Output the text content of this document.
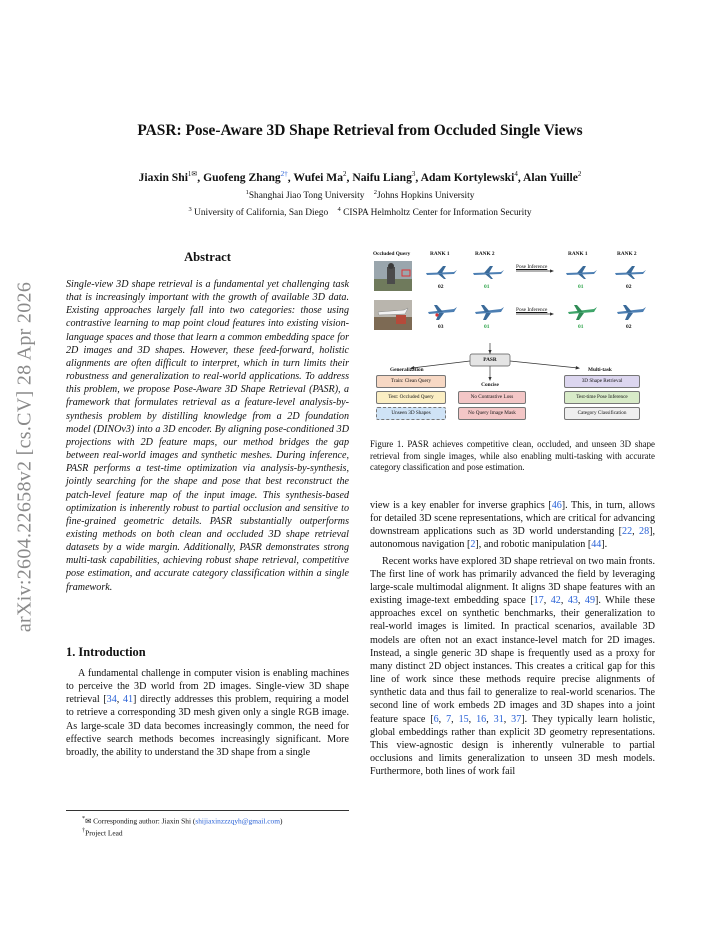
arXiv:2604.22658v2 [cs.CV] 28 Apr 2026
PASR: Pose-Aware 3D Shape Retrieval from Occluded Single Views
Jiaxin Shi$^{1✉}$, Guofeng Zhang$^{2\dagger}$, Wufei Ma$^2$, Naifu Liang$^3$, Adam Kortylewski$^4$, Alan Yuille$^2$
$^1$Shanghai Jiao Tong University $^2$Johns Hopkins University
$^3$ University of California, San Diego $^4$ CISPA Helmholtz Center for Information Security
Abstract

Single-view 3D shape retrieval is a fundamental yet challenging task that is increasingly important with the growth of available 3D data. Existing approaches largely fall into two categories: those using contrastive learning to map point cloud features into existing vision-language spaces and those that learn a common embedding space for 2D images and 3D shapes. However, these feed-forward, holistic alignments are often difficult to interpret, which in turn limits their robustness and generalization to real-world applications. To address this problem, we propose Pose-Aware 3D Shape Retrieval (PASR), a framework that formulates retrieval as a feature-level analysis-by-synthesis problem by distilling knowledge from a 2D foundation model (DINOv3) into a 3D encoder. By aligning pose-conditioned 3D projections with 2D feature maps, our method bridges the gap between real-world images and synthetic meshes. During inference, PASR performs a test-time optimization via analysis-by-synthesis, jointly searching for the shape and pose that best reconstruct the patch-level feature map of the input image. This synthesis-based optimization is inherently robust to partial occlusion and sensitive to fine-grained geometric details. PASR substantially outperforms existing methods on both clean and occluded 3D shape retrieval datasets by a wide margin. Additionally, PASR demonstrates strong multi-task capabilities, achieving robust shape retrieval, competitive pose estimation, and accurate category classification within a single framework.

1. Introduction

A fundamental challenge in computer vision is enabling machines to perceive the 3D world from 2D images. Single-view 3D shape retrieval [34, 41] directly addresses this problem, requiring a model to retrieve a corresponding 3D mesh given only a single RGB image. As large-scale 3D data becomes increasingly common, the need for effective search methods becomes increasingly significant. More broadly, the ability to understand the 3D shape from a single

*✉ Corresponding author: Jiaxin Shi (shijiaxinzzzqyh@gmail.com)
†Project Lead
Occluded Query	RANK 1	RANK 2	RANK 1	RANK 2
02	01
Pose Inference
01	02
03	01
Pose Inference
01	02
PASR
Generalization
Train: Clean Query
Test: Occluded Query
Unseen 3D Shapes
Concise
No Contrastive Loss
No Query Image Mask
Multi-task
3D Shape Retrieval
Test-time Pose Inference
Category Classification
Figure 1. PASR achieves competitive clean, occluded, and unseen 3D shape retrieval from single images, while also enabling multi-tasking with accurate category classification and pose estimation.

view is a key enabler for inverse graphics [46]. This, in turn, allows for detailed 3D scene representations, which are critical for advancing downstream applications such as 3D world understanding [22, 28], autonomous navigation [2], and robotic manipulation [44].

Recent works have explored 3D shape retrieval on two main fronts. The first line of work has primarily advanced the field by leveraging large-scale multimodal alignment. It aligns 3D shape features with an existing image-text embedding space [17, 42, 43, 49]. While these approaches excel on synthetic benchmarks, their generalization to real-world images is limited. In practical scenarios, available 3D models are often not an exact instance-level match for 2D images. Instead, a single generic 3D shape is frequently used as a proxy for many distinct 2D object instances. This creates a critical gap for this line of work since these methods require precise alignments of synthetic data and thus fail to generalize to real-world scenarios. The second line of work embeds 2D images and 3D shapes into a joint feature space [6, 7, 15, 16, 31, 37]. They typically learn holistic, global embeddings rather than explicit 3D geometry representations. This view-agnostic design is inherently vulnerable to partial occlusions and limits generalization to unseen 3D mesh models. Furthermore, both lines of work fail
